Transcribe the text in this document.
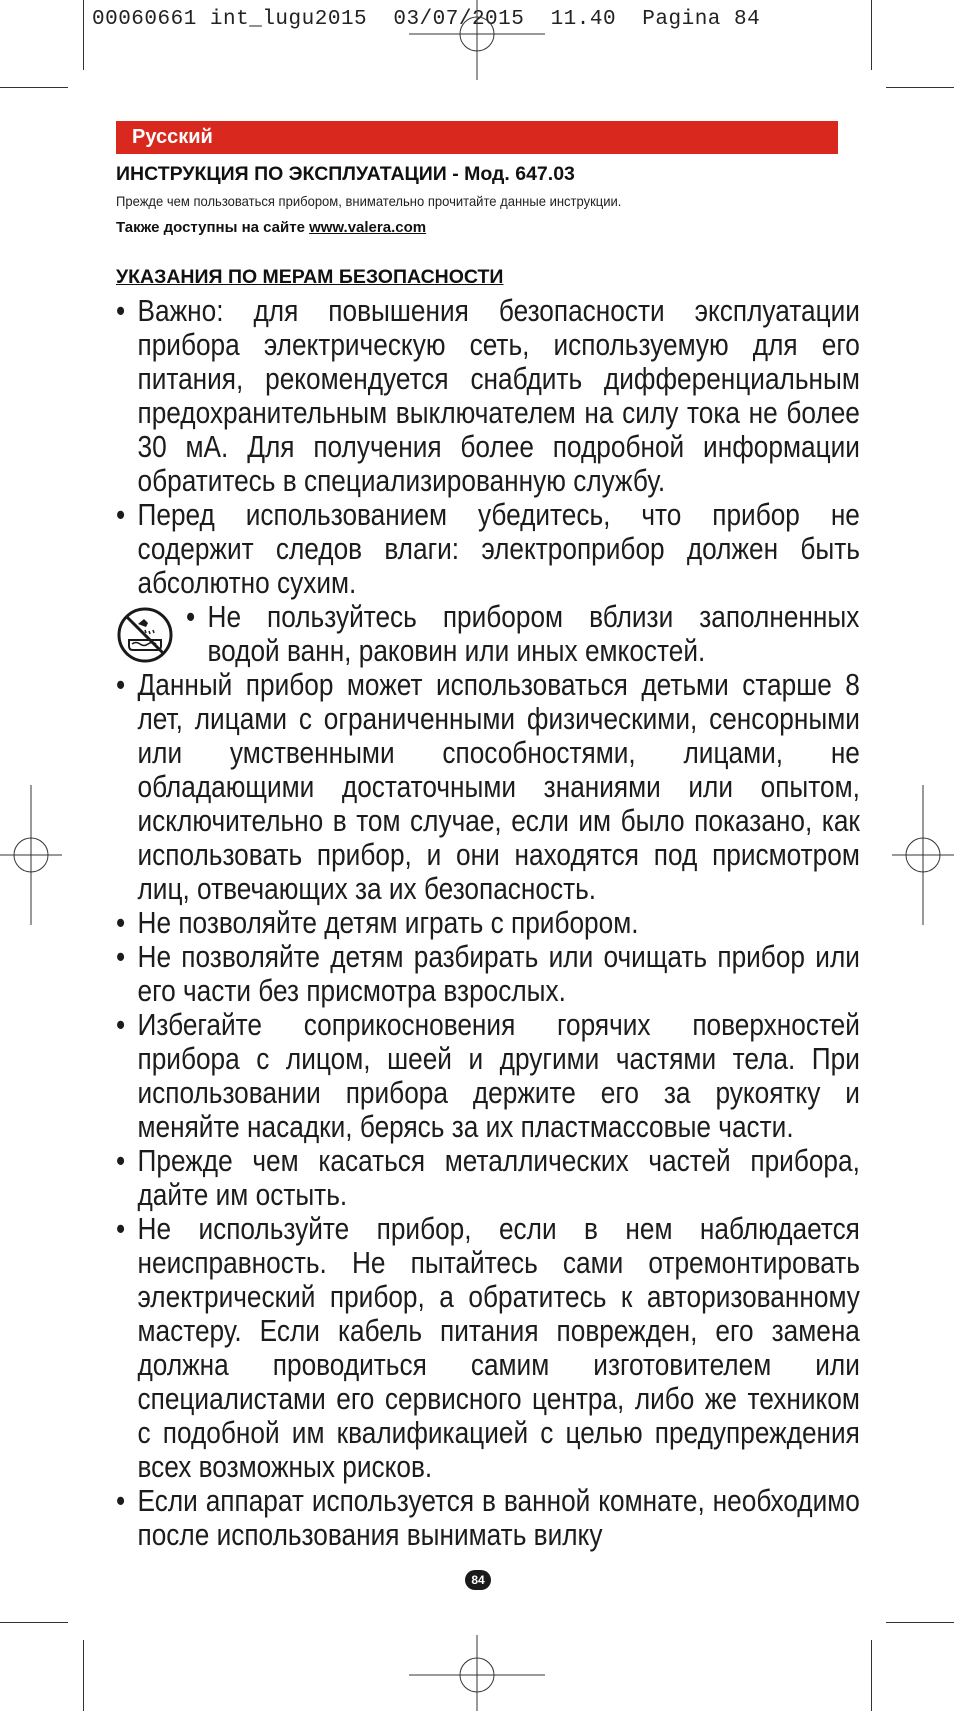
00060661 int_lugu2015  03/07/2015  11.40  Pagina 84
Русский
ИНСТРУКЦИЯ ПО ЭКСПЛУАТАЦИИ - Мод. 647.03
Прежде чем пользоваться прибором, внимательно прочитайте данные инструкции.
Также доступны на сайте www.valera.com
УКАЗАНИЯ ПО МЕРАМ БЕЗОПАСНОСТИ
• Важно: для повышения безопасности эксплуатации прибора электрическую сеть, используемую для его питания, рекомендуется снабдить дифференциальным предохранительным выключателем на силу тока не более 30 мА. Для получения более подробной информации обратитесь в специализированную службу.
• Перед использованием убедитесь, что прибор не содержит следов влаги: электроприбор должен быть абсолютно сухим.
• Не пользуйтесь прибором вблизи заполненных водой ванн, раковин или иных емкостей.
• Данный прибор может использоваться детьми старше 8 лет, лицами с ограниченными физическими, сенсорными или умственными способностями, лицами, не обладающими достаточными знаниями или опытом, исключительно в том случае, если им было показано, как использовать прибор, и они находятся под присмотром лиц, отвечающих за их безопасность.
• Не позволяйте детям играть с прибором.
• Не позволяйте детям разбирать или очищать прибор или его части без присмотра взрослых.
• Избегайте соприкосновения горячих поверхностей прибора с лицом, шеей и другими частями тела. При использовании прибора держите его за рукоятку и меняйте насадки, берясь за их пластмассовые части.
• Прежде чем касаться металлических частей прибора, дайте им остыть.
• Не используйте прибор, если в нем наблюдается неисправность. Не пытайтесь сами отремонтировать электрический прибор, а обратитесь к авторизованному мастеру. Если кабель питания поврежден, его замена должна проводиться самим изготовителем или специалистами его сервисного центра, либо же техником с подобной им квалификацией с целью предупреждения всех возможных рисков.
• Если аппарат используется в ванной комнате, необходимо после использования вынимать вилку
84
